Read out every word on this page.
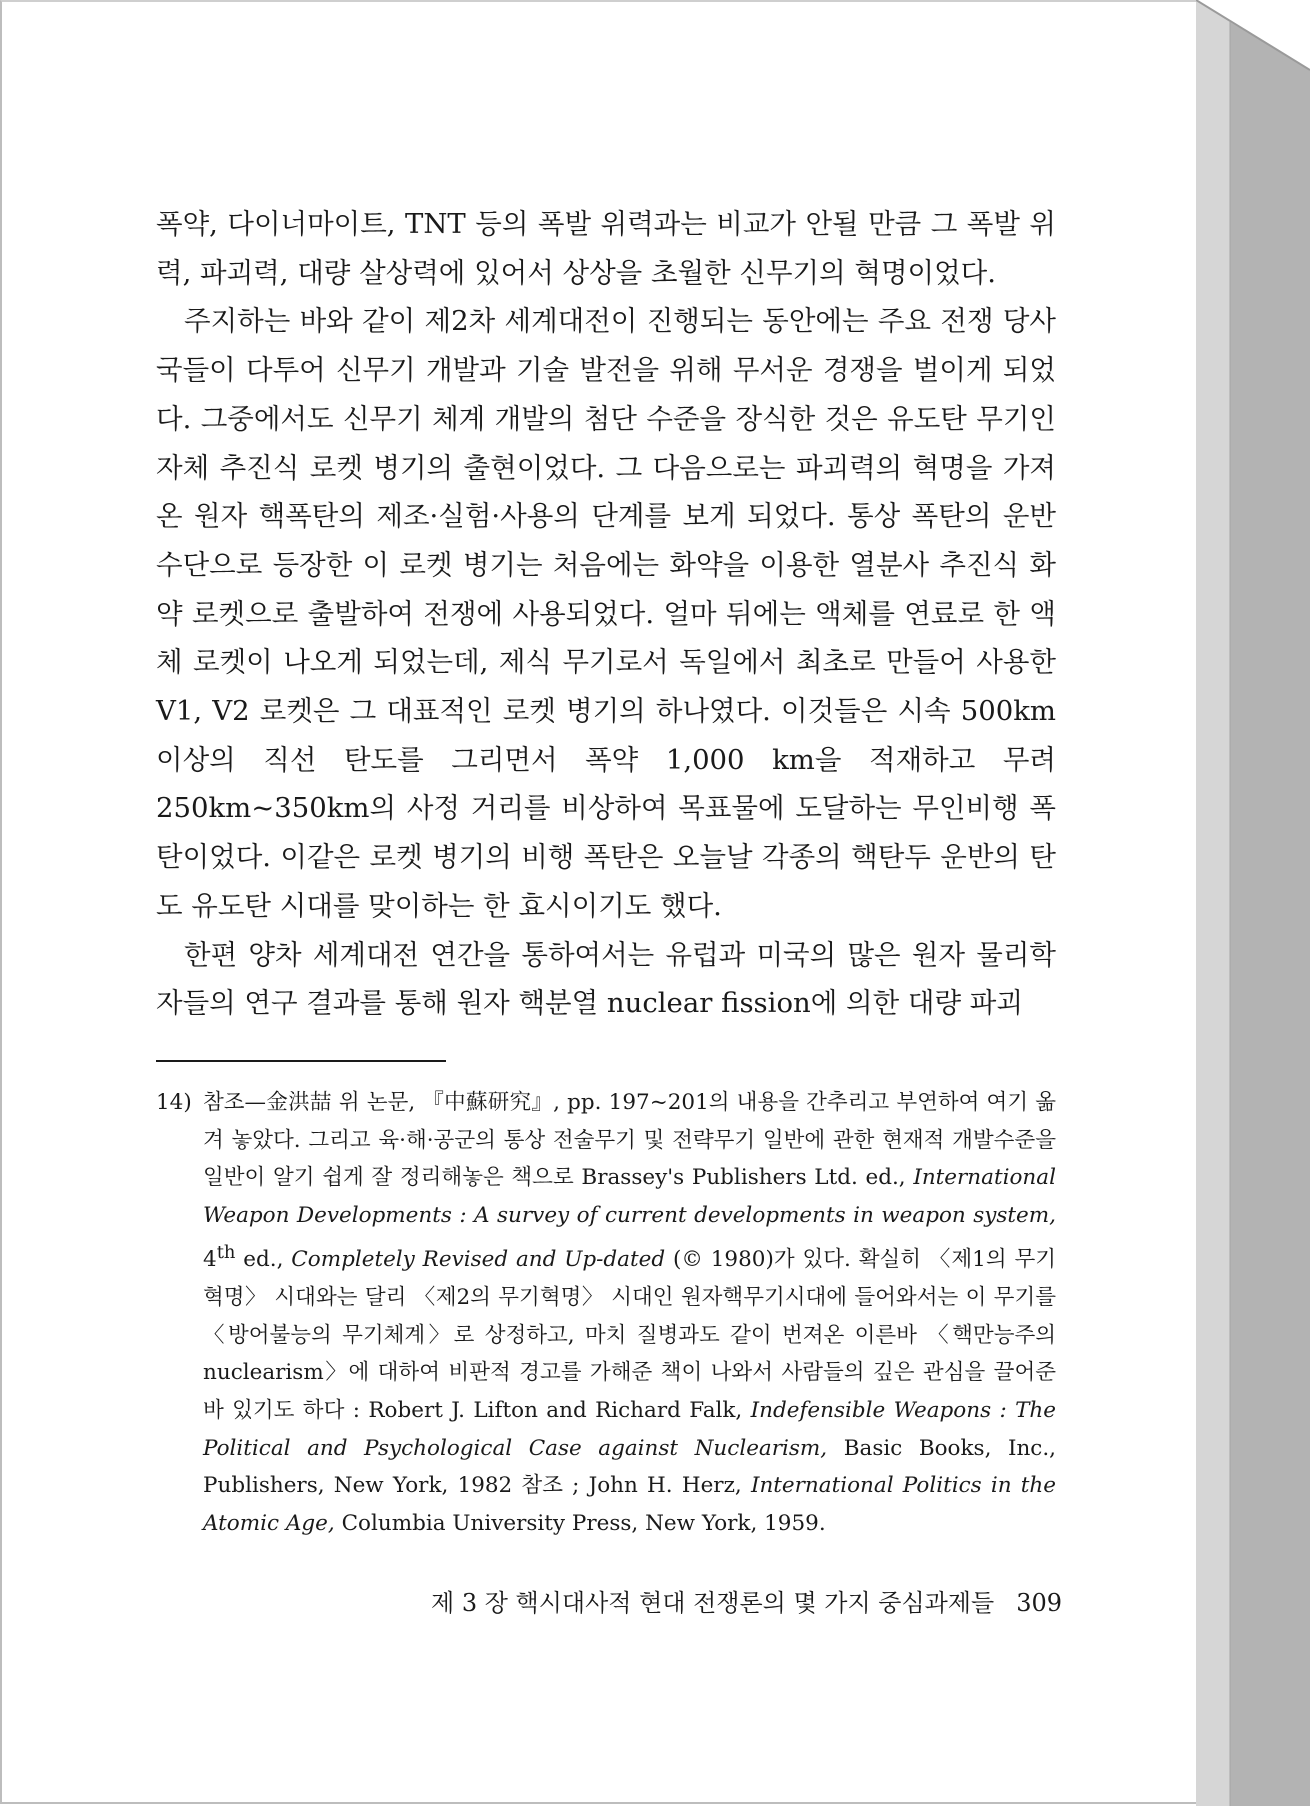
폭약, 다이너마이트, TNT 등의 폭발 위력과는 비교가 안될 만큼 그 폭발 위력, 파괴력, 대량 살상력에 있어서 상상을 초월한 신무기의 혁명이었다.

주지하는 바와 같이 제2차 세계대전이 진행되는 동안에는 주요 전쟁 당사국들이 다투어 신무기 개발과 기술 발전을 위해 무서운 경쟁을 벌이게 되었다. 그중에서도 신무기 체계 개발의 첨단 수준을 장식한 것은 유도탄 무기인 자체 추진식 로켓 병기의 출현이었다. 그 다음으로는 파괴력의 혁명을 가져온 원자 핵폭탄의 제조·실험·사용의 단계를 보게 되었다. 통상 폭탄의 운반 수단으로 등장한 이 로켓 병기는 처음에는 화약을 이용한 열분사 추진식 화약 로켓으로 출발하여 전쟁에 사용되었다. 얼마 뒤에는 액체를 연료로 한 액체 로켓이 나오게 되었는데, 제식 무기로서 독일에서 최초로 만들어 사용한 V1, V2 로켓은 그 대표적인 로켓 병기의 하나였다. 이것들은 시속 500km 이상의 직선 탄도를 그리면서 폭약 1,000 km을 적재하고 무려 250km~350km의 사정 거리를 비상하여 목표물에 도달하는 무인비행 폭탄이었다. 이같은 로켓 병기의 비행 폭탄은 오늘날 각종의 핵탄두 운반의 탄도 유도탄 시대를 맞이하는 한 효시이기도 했다.

한편 양차 세계대전 연간을 통하여서는 유럽과 미국의 많은 원자 물리학자들의 연구 결과를 통해 원자 핵분열 nuclear fission에 의한 대량 파괴

14) 참조—金洪喆 위 논문, 『中蘇研究』, pp. 197~201의 내용을 간추리고 부연하여 여기 옮겨 놓았다. 그리고 육·해·공군의 통상 전술무기 및 전략무기 일반에 관한 현재적 개발수준을 일반이 알기 쉽게 잘 정리해놓은 책으로 Brassey's Publishers Ltd. ed., International Weapon Developments : A survey of current developments in weapon system, 4th ed., Completely Revised and Up-dated (© 1980)가 있다. 확실히 〈제1의 무기혁명〉 시대와는 달리 〈제2의 무기혁명〉 시대인 원자핵무기시대에 들어와서는 이 무기를 〈방어불능의 무기체계〉로 상정하고, 마치 질병과도 같이 번져온 이른바 〈핵만능주의 nuclearism〉에 대하여 비판적 경고를 가해준 책이 나와서 사람들의 깊은 관심을 끌어준 바 있기도 하다 : Robert J. Lifton and Richard Falk, Indefensible Weapons : The Political and Psychological Case against Nuclearism, Basic Books, Inc., Publishers, New York, 1982 참조 ; John H. Herz, International Politics in the Atomic Age, Columbia University Press, New York, 1959.
제 3 장 핵시대사적 현대 전쟁론의 몇 가지 중심과제들 309
